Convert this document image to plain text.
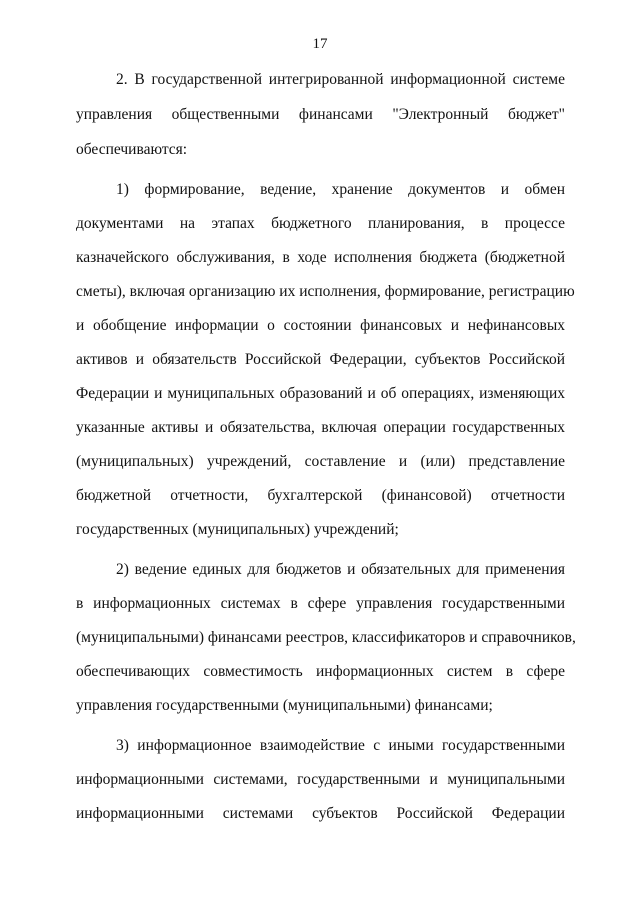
17
2. В государственной интегрированной информационной системе
управления общественными финансами "Электронный бюджет"
обеспечиваются:
1) формирование, ведение, хранение документов и обмен
документами на этапах бюджетного планирования, в процессе
казначейского обслуживания, в ходе исполнения бюджета (бюджетной
сметы), включая организацию их исполнения, формирование, регистрацию
и обобщение информации о состоянии финансовых и нефинансовых
активов и обязательств Российской Федерации, субъектов Российской
Федерации и муниципальных образований и об операциях, изменяющих
указанные активы и обязательства, включая операции государственных
(муниципальных) учреждений, составление и (или) представление
бюджетной отчетности, бухгалтерской (финансовой) отчетности
государственных (муниципальных) учреждений;
2) ведение единых для бюджетов и обязательных для применения
в информационных системах в сфере управления государственными
(муниципальными) финансами реестров, классификаторов и справочников,
обеспечивающих совместимость информационных систем в сфере
управления государственными (муниципальными) финансами;
3) информационное взаимодействие с иными государственными
информационными системами, государственными и муниципальными
информационными системами субъектов Российской Федерации
